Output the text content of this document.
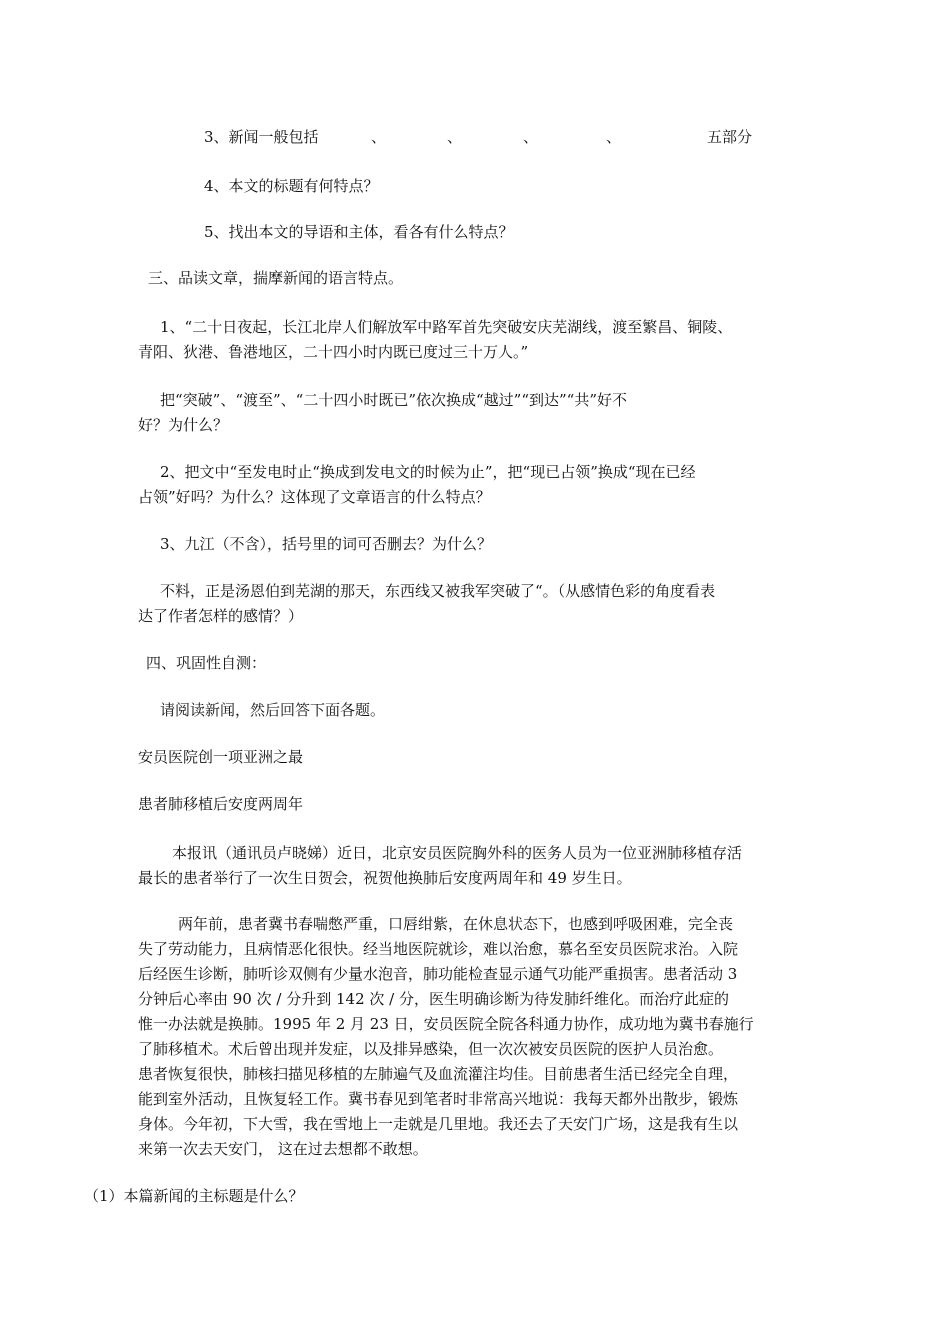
3、新闻一般包括	、	、	、	、	五部分
4、本文的标题有何特点？
5、找出本文的导语和主体，看各有什么特点？
三、品读文章，揣摩新闻的语言特点。
1、“二十日夜起，长江北岸人们解放军中路军首先突破安庆芜湖线，渡至繁昌、铜陵、
青阳、狄港、鲁港地区，二十四小时内既已度过三十万人。”
把“突破”、“渡至”、“二十四小时既已”依次换成“越过”“到达”“共”好不
好？为什么？
2、把文中“至发电时止“换成到发电文的时候为止”，把“现已占领”换成“现在已经
占领”好吗？为什么？这体现了文章语言的什么特点？
3、九江（不含），括号里的词可否删去？为什么？
不料，正是汤恩伯到芜湖的那天，东西线又被我军突破了“。（从感情色彩的角度看表
达了作者怎样的感情？）
四、巩固性自测：
请阅读新闻，然后回答下面各题。
安员医院创一项亚洲之最
患者肺移植后安度两周年
本报讯（通讯员卢晓娣）近日，北京安员医院胸外科的医务人员为一位亚洲肺移植存活
最长的患者举行了一次生日贺会，祝贺他换肺后安度两周年和 49 岁生日。
两年前，患者冀书春喘憋严重，口唇绀紫，在休息状态下，也感到呼吸困难，完全丧
失了劳动能力，且病情恶化很快。经当地医院就诊，难以治愈，慕名至安员医院求治。入院
后经医生诊断，肺听诊双侧有少量水泡音，肺功能检查显示通气功能严重损害。患者活动 3
分钟后心率由 90 次 / 分升到 142 次 / 分，医生明确诊断为待发肺纤维化。而治疗此症的
惟一办法就是换肺。1995 年 2 月 23 日，安员医院全院各科通力协作，成功地为冀书春施行
了肺移植术。术后曾出现并发症，以及排异感染，但一次次被安员医院的医护人员治愈。
患者恢复很快，肺核扫描见移植的左肺遍气及血流灌注均佳。目前患者生活已经完全自理，
能到室外活动，且恢复轻工作。冀书春见到笔者时非常高兴地说：我每天都外出散步，锻炼
身体。今年初，下大雪，我在雪地上一走就是几里地。我还去了天安门广场，这是我有生以
来第一次去天安门， 这在过去想都不敢想。
（1）本篇新闻的主标题是什么？
